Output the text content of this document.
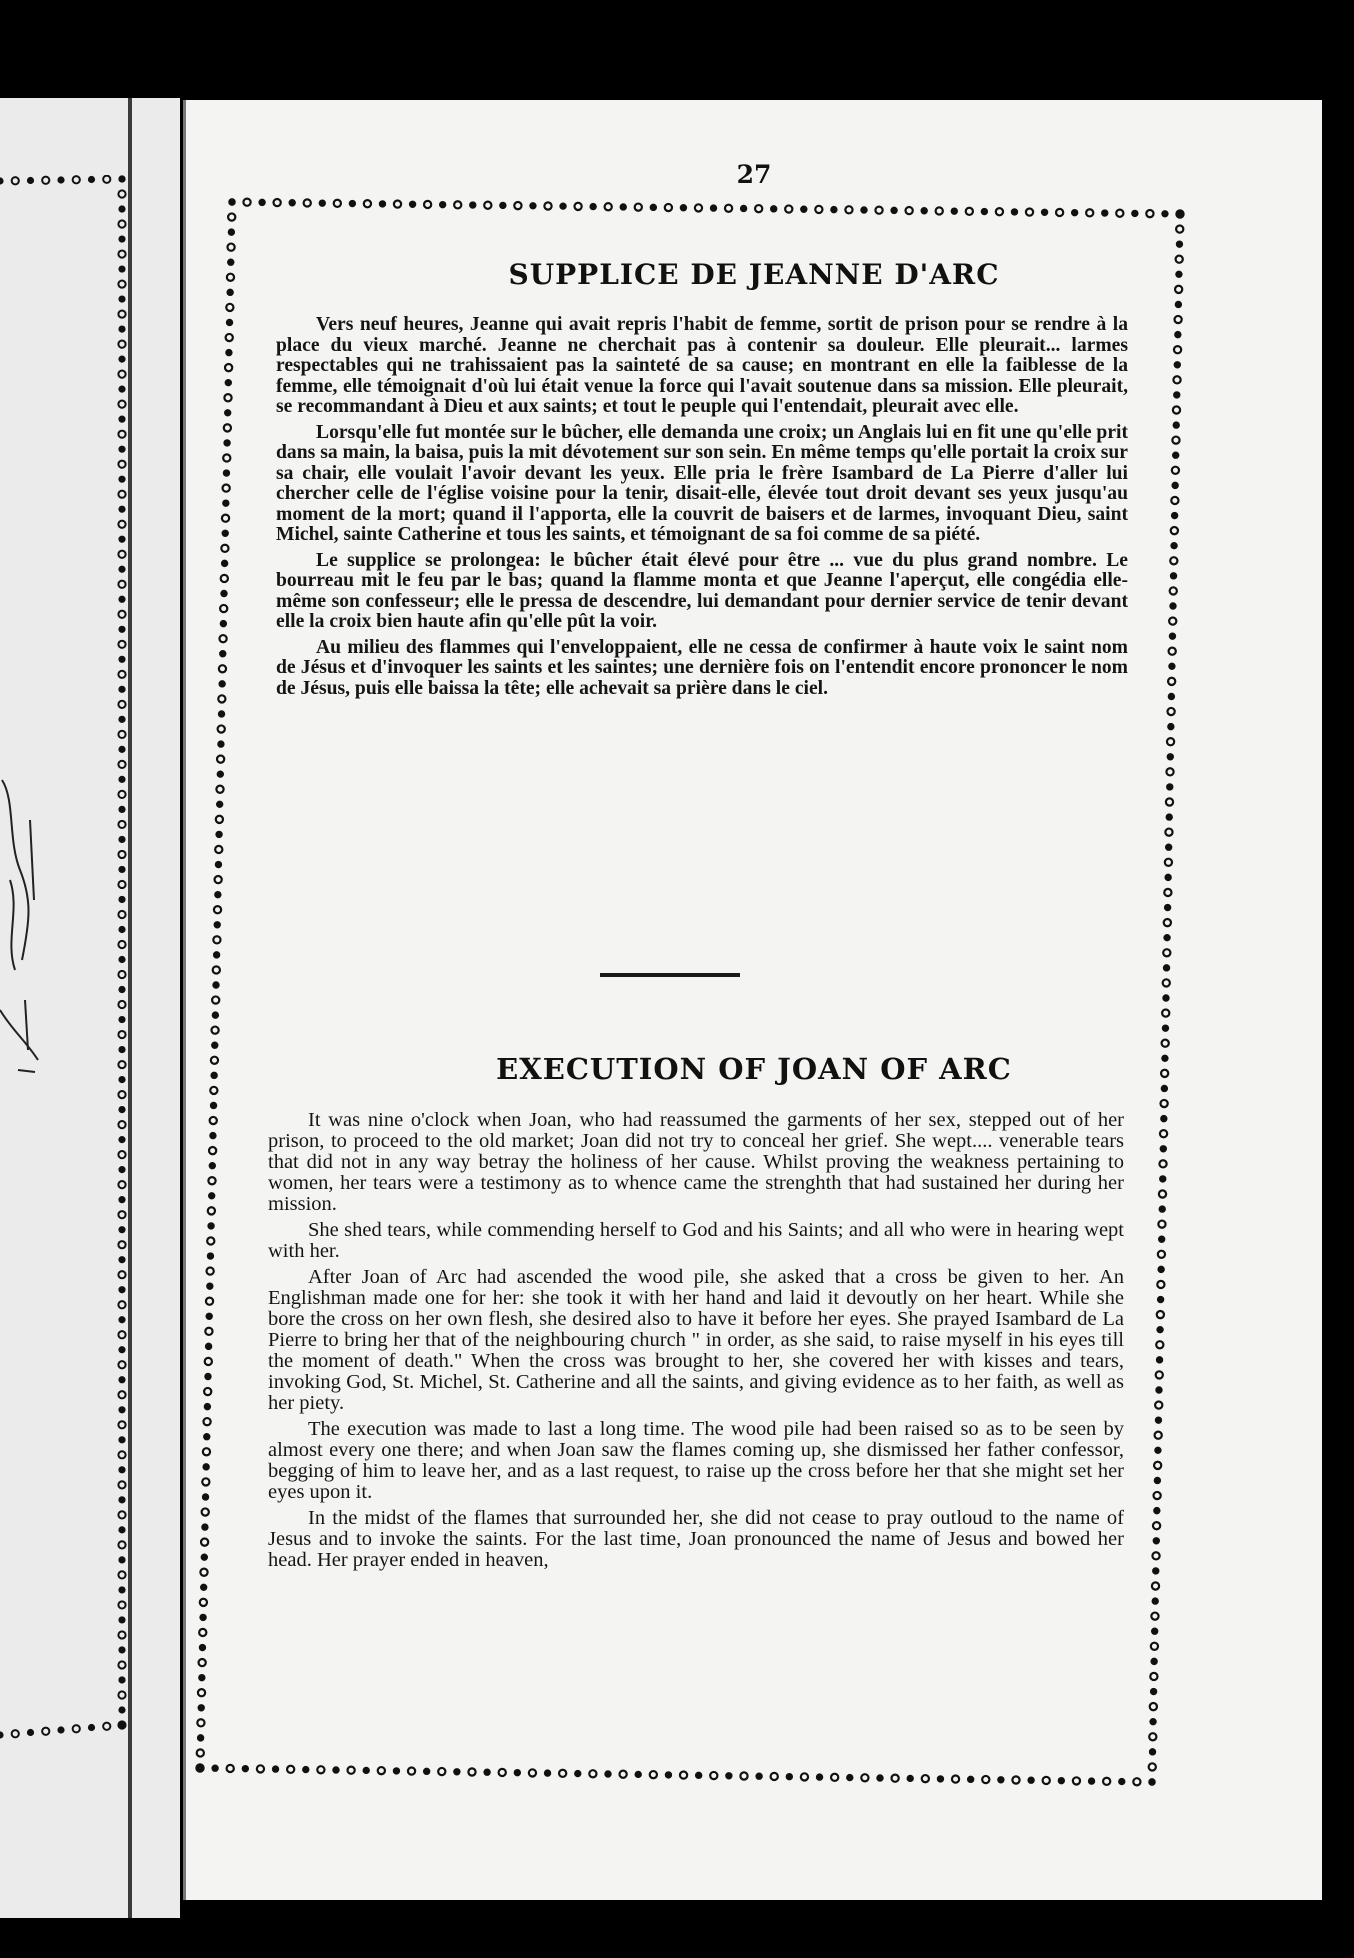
27
SUPPLICE DE JEANNE D'ARC

Vers neuf heures, Jeanne qui avait repris l'habit de femme, sortit de prison pour se rendre à la place du vieux marché. Jeanne ne cherchait pas à contenir sa douleur. Elle pleurait... larmes respectables qui ne trahissaient pas la sainteté de sa cause; en montrant en elle la faiblesse de la femme, elle témoignait d'où lui était venue la force qui l'avait soutenue dans sa mission. Elle pleurait, se recommandant à Dieu et aux saints; et tout le peuple qui l'entendait, pleurait avec elle.

Lorsqu'elle fut montée sur le bûcher, elle demanda une croix; un Anglais lui en fit une qu'elle prit dans sa main, la baisa, puis la mit dévotement sur son sein. En même temps qu'elle portait la croix sur sa chair, elle voulait l'avoir devant les yeux. Elle pria le frère Isambard de La Pierre d'aller lui chercher celle de l'église voisine pour la tenir, disait-elle, élevée tout droit devant ses yeux jusqu'au moment de la mort; quand il l'apporta, elle la couvrit de baisers et de larmes, invoquant Dieu, saint Michel, sainte Catherine et tous les saints, et témoignant de sa foi comme de sa piété.

Le supplice se prolongea: le bûcher était élevé pour être ... vue du plus grand nombre. Le bourreau mit le feu par le bas; quand la flamme monta et que Jeanne l'aperçut, elle congédia elle-même son confesseur; elle le pressa de descendre, lui demandant pour dernier service de tenir devant elle la croix bien haute afin qu'elle pût la voir.

Au milieu des flammes qui l'enveloppaient, elle ne cessa de confirmer à haute voix le saint nom de Jésus et d'invoquer les saints et les saintes; une dernière fois on l'entendit encore prononcer le nom de Jésus, puis elle baissa la tête; elle achevait sa prière dans le ciel.

EXECUTION OF JOAN OF ARC

It was nine o'clock when Joan, who had reassumed the garments of her sex, stepped out of her prison, to proceed to the old market; Joan did not try to conceal her grief. She wept.... venerable tears that did not in any way betray the holiness of her cause. Whilst proving the weakness pertaining to women, her tears were a testimony as to whence came the strenghth that had sustained her during her mission.

She shed tears, while commending herself to God and his Saints; and all who were in hearing wept with her.

After Joan of Arc had ascended the wood pile, she asked that a cross be given to her. An Englishman made one for her: she took it with her hand and laid it devoutly on her heart. While she bore the cross on her own flesh, she desired also to have it before her eyes. She prayed Isambard de La Pierre to bring her that of the neighbouring church " in order, as she said, to raise myself in his eyes till the moment of death." When the cross was brought to her, she covered her with kisses and tears, invoking God, St. Michel, St. Catherine and all the saints, and giving evidence as to her faith, as well as her piety.

The execution was made to last a long time. The wood pile had been raised so as to be seen by almost every one there; and when Joan saw the flames coming up, she dismissed her father confessor, begging of him to leave her, and as a last request, to raise up the cross before her that she might set her eyes upon it.

In the midst of the flames that surrounded her, she did not cease to pray outloud to the name of Jesus and to invoke the saints. For the last time, Joan pronounced the name of Jesus and bowed her head. Her prayer ended in heaven,
